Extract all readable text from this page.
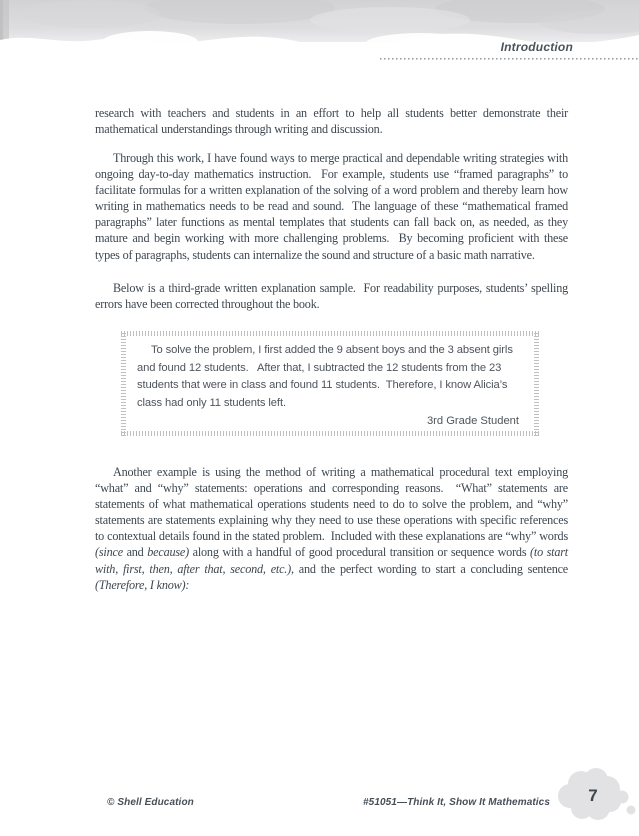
Introduction

research with teachers and students in an effort to help all students better demonstrate their mathematical understandings through writing and discussion.

Through this work, I have found ways to merge practical and dependable writing strategies with ongoing day-to-day mathematics instruction.  For example, students use “framed paragraphs” to facilitate formulas for a written explanation of the solving of a word problem and thereby learn how writing in mathematics needs to be read and sound.  The language of these “mathematical framed paragraphs” later functions as mental templates that students can fall back on, as needed, as they mature and begin working with more challenging problems.  By becoming proficient with these types of paragraphs, students can internalize the sound and structure of a basic math narrative.

Below is a third-grade written explanation sample.  For readability purposes, students’ spelling errors have been corrected throughout the book.

To solve the problem, I first added the 9 absent boys and the 3 absent girls and found 12 students.   After that, I subtracted the 12 students from the 23 students that were in class and found 11 students.  Therefore, I know Alicia’s class had only 11 students left.

3rd Grade Student

Another example is using the method of writing a mathematical procedural text employing “what” and “why” statements: operations and corresponding reasons.  “What” statements are statements of what mathematical operations students need to do to solve the problem, and “why” statements are statements explaining why they need to use these operations with specific references to contextual details found in the stated problem.  Included with these explanations are “why” words (since and because) along with a handful of good procedural transition or sequence words (to start with, first, then, after that, second, etc.), and the perfect wording to start a concluding sentence (Therefore, I know):

© Shell Education	#51051—Think It, Show It Mathematics 7
